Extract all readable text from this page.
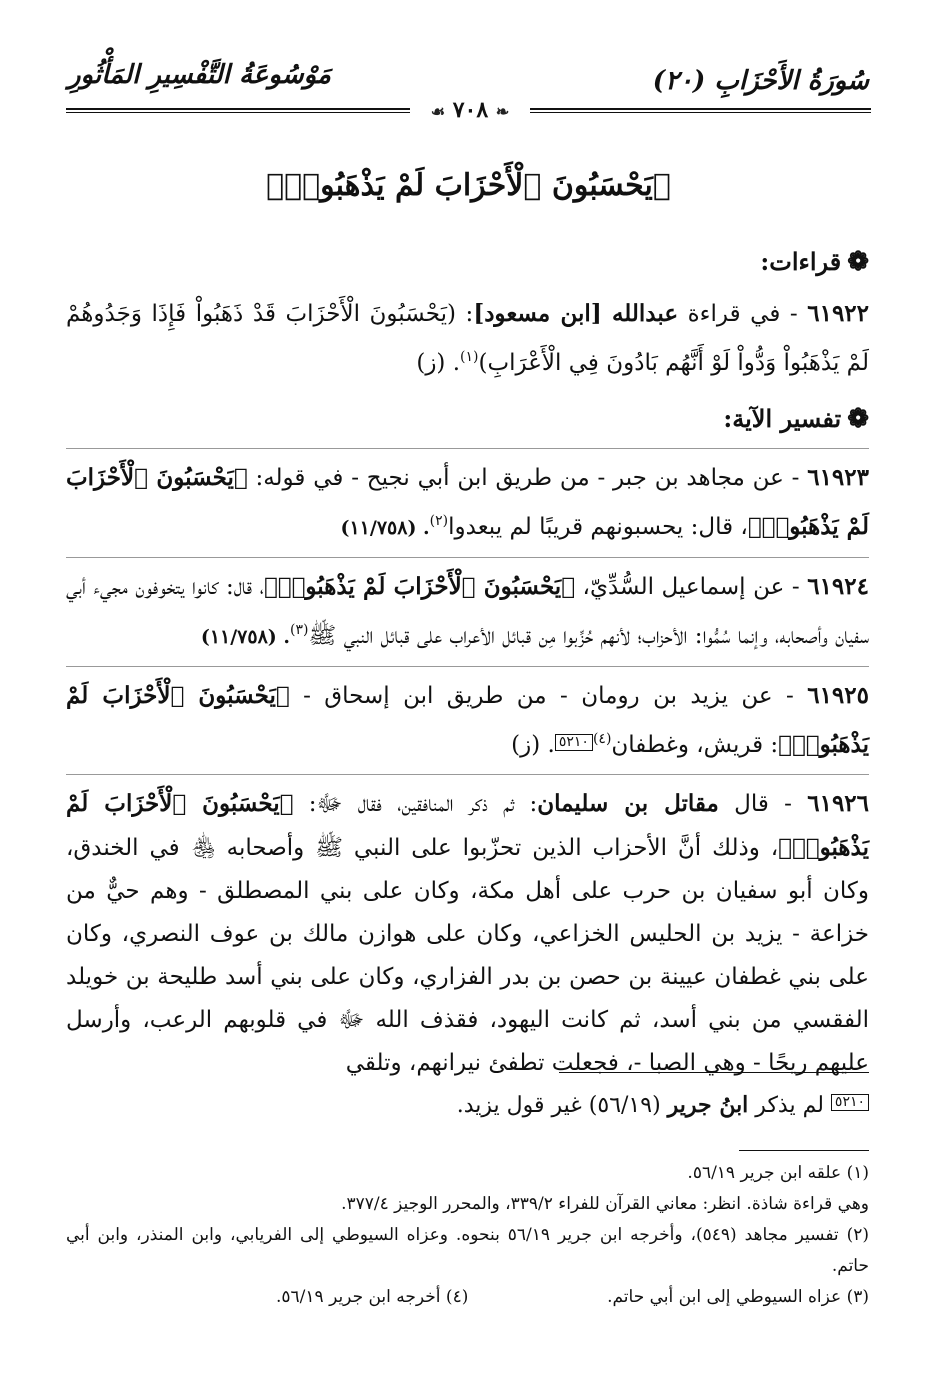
سُورَةُ الأَحْزَابِ (٢٠)
مَوْسُوعَةُ التَّفْسِيرِ المَأْثُورِ
❧ ٧٠٨ ☙
﴿يَحْسَبُونَ ٱلْأَحْزَابَ لَمْ يَذْهَبُوا۟﴾

❁قراءات:

٦١٩٢٢ - في قراءة عبدالله [ابن مسعود]: (يَحْسَبُونَ الْأَحْزَابَ قَدْ ذَهَبُواْ فَإِذَا وَجَدُوهُمْ لَمْ يَذْهَبُواْ وَدُّواْ لَوْ أَنَّهُم بَادُونَ فِي الْأَعْرَابِ)$^{(١)}$. (ز)

❁تفسير الآية:

٦١٩٢٣ - عن مجاهد بن جبر - من طريق ابن أبي نجيح - في قوله: ﴿يَحْسَبُونَ ٱلْأَحْزَابَ لَمْ يَذْهَبُوا۟﴾، قال: يحسبونهم قريبًا لم يبعدوا$^{(٢)}$. (١١/٧٥٨)

٦١٩٢٤ - عن إسماعيل السُّدِّيّ، ﴿يَحْسَبُونَ ٱلْأَحْزَابَ لَمْ يَذْهَبُوا۟﴾، قال: كانوا يتخوفون مجيء أبي سفيان وأصحابه، وإنما سُمُّوا: الأحزاب؛ لأنهم حُزِّبوا مِن قبائل الأعراب على قبائل النبي ﷺ$^{(٣)}$. (١١/٧٥٨)

٦١٩٢٥ - عن يزيد بن رومان - من طريق ابن إسحاق - ﴿يَحْسَبُونَ ٱلْأَحْزَابَ لَمْ يَذْهَبُوا۟﴾: قريش، وغطفان$^{(٤)}$٥٢١٠. (ز)

٦١٩٢٦ - قال مقاتل بن سليمان: ثم ذكر المنافقين، فقال ﷻ: ﴿يَحْسَبُونَ ٱلْأَحْزَابَ لَمْ يَذْهَبُوا۟﴾، وذلك أنَّ الأحزاب الذين تحزّبوا على النبي ﷺ وأصحابه ﵃ في الخندق، وكان أبو سفيان بن حرب على أهل مكة، وكان على بني المصطلق - وهم حيٌّ من خزاعة - يزيد بن الحليس الخزاعي، وكان على هوازن مالك بن عوف النصري، وكان على بني غطفان عيينة بن حصن بن بدر الفزاري، وكان على بني أسد طليحة بن خويلد الفقسي من بني أسد، ثم كانت اليهود، فقذف الله ﷻ في قلوبهم الرعب، وأرسل عليهم ريحًا - وهي الصبا -، فجعلت تطفئ نيرانهم، وتلقي

٥٢١٠ لم يذكر ابنُ جرير (٥٦/١٩) غير قول يزيد.

(١) علقه ابن جرير ٥٦/١٩.

وهي قراءة شاذة. انظر: معاني القرآن للفراء ٣٣٩/٢، والمحرر الوجيز ٣٧٧/٤.

(٢) تفسير مجاهد (٥٤٩)، وأخرجه ابن جرير ٥٦/١٩ بنحوه. وعزاه السيوطي إلى الفريابي، وابن المنذر، وابن أبي حاتم.

(٣) عزاه السيوطي إلى ابن أبي حاتم.
(٤) أخرجه ابن جرير ٥٦/١٩.
